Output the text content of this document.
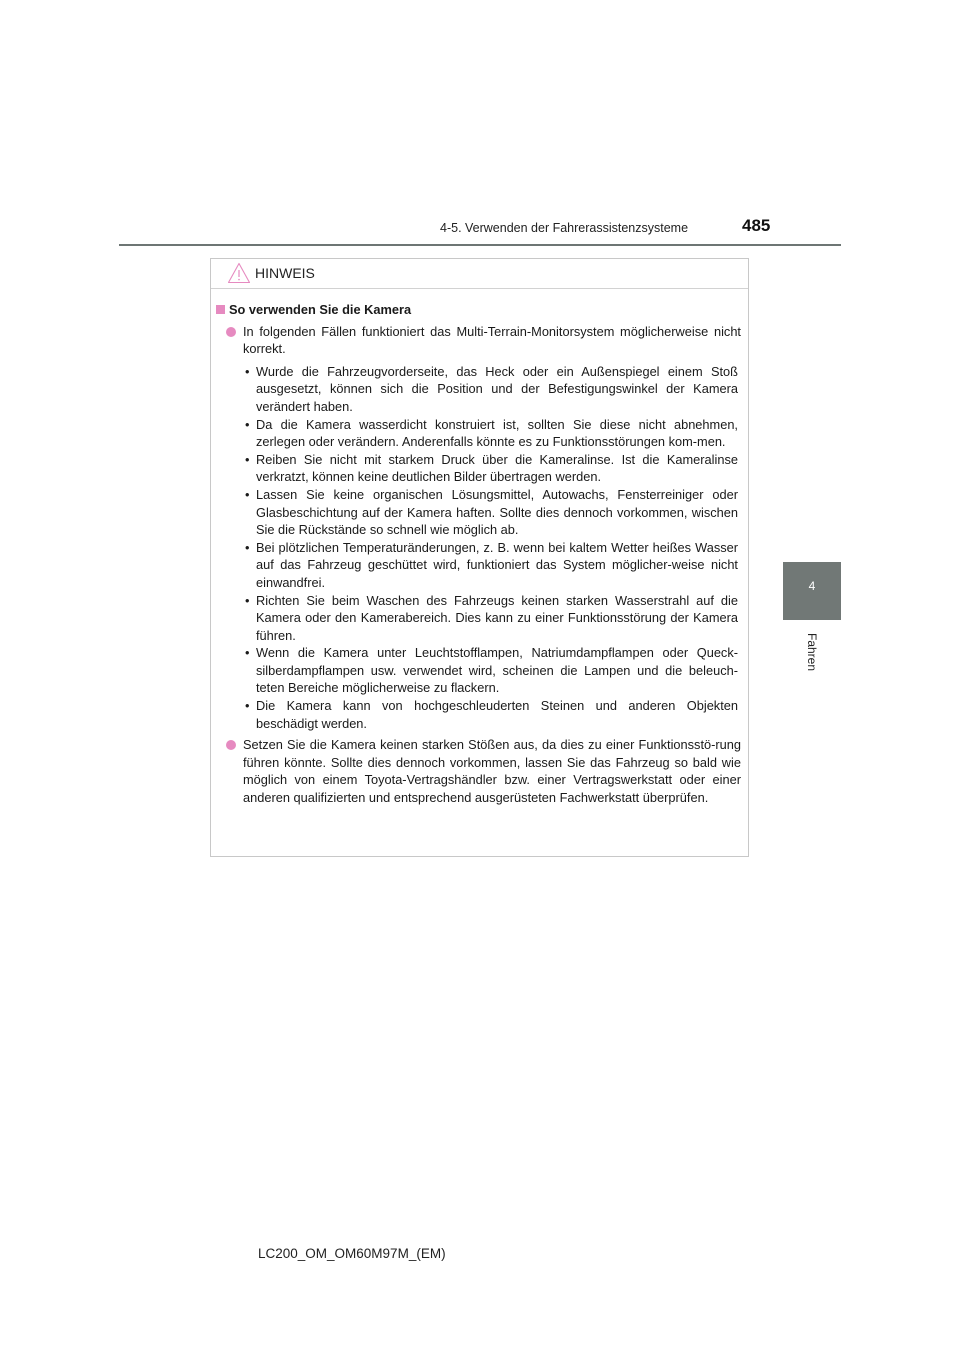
4-5. Verwenden der Fahrerassistenzsysteme	485
4
Fahren
HINWEIS
So verwenden Sie die Kamera
In folgenden Fällen funktioniert das Multi-Terrain-Monitorsystem möglicherweise nicht korrekt.
• Wurde die Fahrzeugvorderseite, das Heck oder ein Außenspiegel einem Stoß ausgesetzt, können sich die Position und der Befestigungswinkel der Kamera verändert haben.
• Da die Kamera wasserdicht konstruiert ist, sollten Sie diese nicht abnehmen, zerlegen oder verändern. Anderenfalls könnte es zu Funktionsstörungen kom-men.
• Reiben Sie nicht mit starkem Druck über die Kameralinse. Ist die Kameralinse verkratzt, können keine deutlichen Bilder übertragen werden.
• Lassen Sie keine organischen Lösungsmittel, Autowachs, Fensterreiniger oder Glasbeschichtung auf der Kamera haften. Sollte dies dennoch vorkommen, wischen Sie die Rückstände so schnell wie möglich ab.
• Bei plötzlichen Temperaturänderungen, z. B. wenn bei kaltem Wetter heißes Wasser auf das Fahrzeug geschüttet wird, funktioniert das System möglicher-weise nicht einwandfrei.
• Richten Sie beim Waschen des Fahrzeugs keinen starken Wasserstrahl auf die Kamera oder den Kamerabereich. Dies kann zu einer Funktionsstörung der Kamera führen.
• Wenn die Kamera unter Leuchtstofflampen, Natriumdampflampen oder Queck-silberdampflampen usw. verwendet wird, scheinen die Lampen und die beleuch-teten Bereiche möglicherweise zu flackern.
• Die Kamera kann von hochgeschleuderten Steinen und anderen Objekten beschädigt werden.
Setzen Sie die Kamera keinen starken Stößen aus, da dies zu einer Funktionsstö-rung führen könnte. Sollte dies dennoch vorkommen, lassen Sie das Fahrzeug so bald wie möglich von einem Toyota-Vertragshändler bzw. einer Vertragswerkstatt oder einer anderen qualifizierten und entsprechend ausgerüsteten Fachwerkstatt überprüfen.
LC200_OM_OM60M97M_(EM)
